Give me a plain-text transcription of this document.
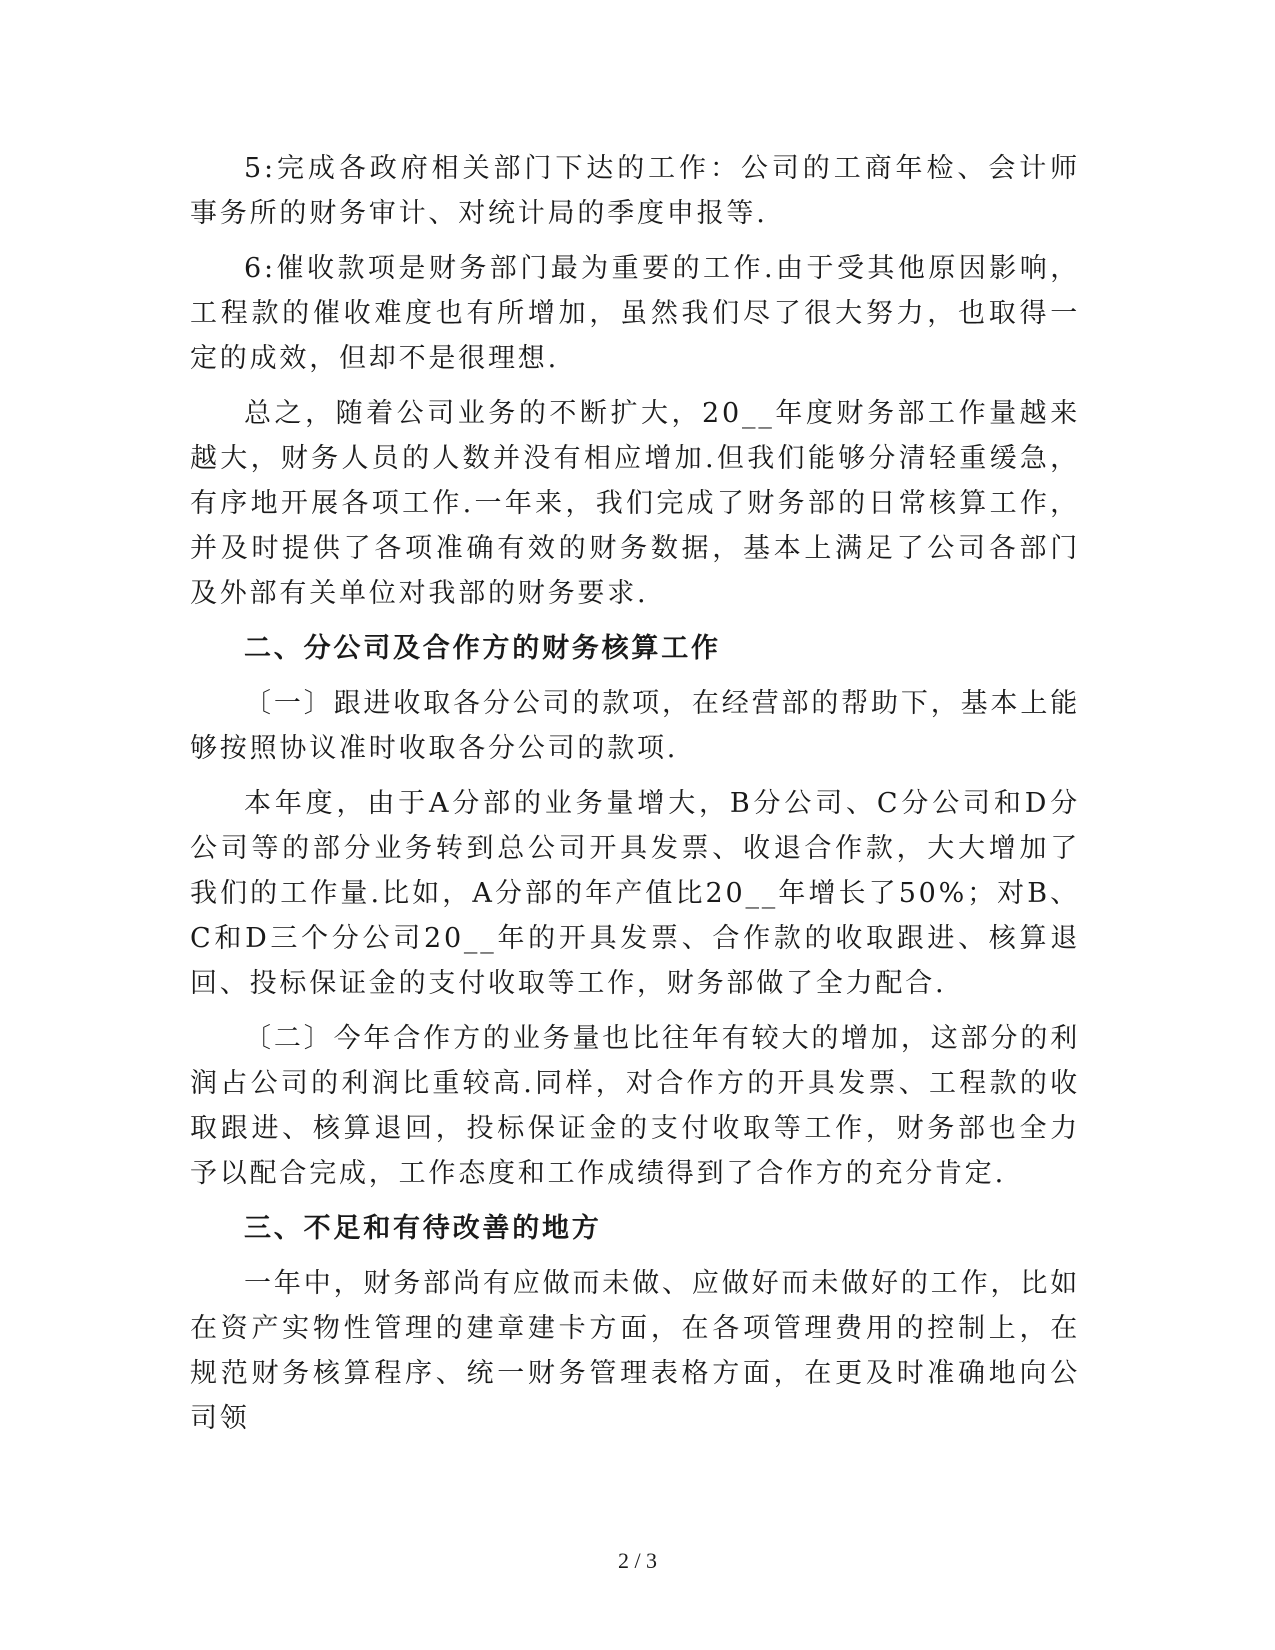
5:完成各政府相关部门下达的工作：公司的工商年检、会计师事务所的财务审计、对统计局的季度申报等.

6:催收款项是财务部门最为重要的工作.由于受其他原因影响，工程款的催收难度也有所增加，虽然我们尽了很大努力，也取得一定的成效，但却不是很理想.

总之，随着公司业务的不断扩大，20__年度财务部工作量越来越大，财务人员的人数并没有相应增加.但我们能够分清轻重缓急，有序地开展各项工作.一年来，我们完成了财务部的日常核算工作，并及时提供了各项准确有效的财务数据，基本上满足了公司各部门及外部有关单位对我部的财务要求.

二、分公司及合作方的财务核算工作

〔一〕跟进收取各分公司的款项，在经营部的帮助下，基本上能够按照协议准时收取各分公司的款项.

本年度，由于A分部的业务量增大，B分公司、C分公司和D分公司等的部分业务转到总公司开具发票、收退合作款，大大增加了我们的工作量.比如，A分部的年产值比20__年增长了50%；对B、C和D三个分公司20__年的开具发票、合作款的收取跟进、核算退回、投标保证金的支付收取等工作，财务部做了全力配合.

〔二〕今年合作方的业务量也比往年有较大的增加，这部分的利润占公司的利润比重较高.同样，对合作方的开具发票、工程款的收取跟进、核算退回，投标保证金的支付收取等工作，财务部也全力予以配合完成，工作态度和工作成绩得到了合作方的充分肯定.

三、不足和有待改善的地方

一年中，财务部尚有应做而未做、应做好而未做好的工作，比如在资产实物性管理的建章建卡方面，在各项管理费用的控制上，在规范财务核算程序、统一财务管理表格方面，在更及时准确地向公司领

2 / 3
